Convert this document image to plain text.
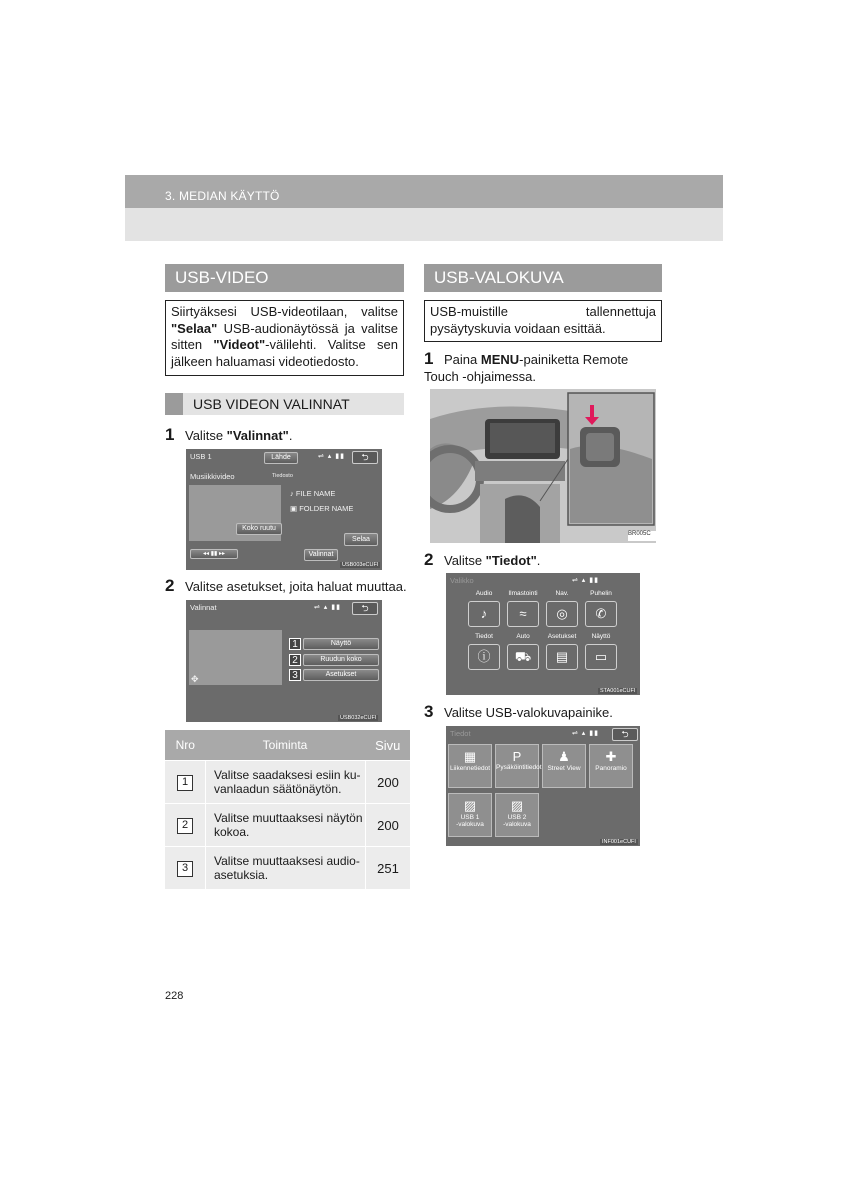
3. MEDIAN KÄYTTÖ
USB-VIDEO
Siirtyäksesi USB-videotilaan, valitse "Selaa" USB-audionäytössä ja valitse sitten "Videot"-välilehti. Valitse sen jälkeen haluamasi videotiedosto.
USB VIDEON VALINNAT
1 Valitse "Valinnat".
USB 1	Lähde	⇌ ▴ ▮▮	⮌
Musiikkivideo	Tiedosto
♪ FILE NAME
▣ FOLDER NAME
Koko ruutu
Selaa
◂◂ ▮▮ ▸▸	Valinnat
USB003eCUFI
2 Valitse asetukset, joita haluat muuttaa.
Valinnat	⇌ ▴ ▮▮	⮌
✥
1	Näyttö
2	Ruudun koko
3	Asetukset
USB032eCUFI
Nro	Toiminta	Sivu
1	Valitse saadaksesi esiin ku-vanlaadun säätönäytön.	200
2	Valitse muuttaaksesi näytön kokoa.	200
3	Valitse muuttaaksesi audio-asetuksia.	251
USB-VALOKUVA
USB-muistille tallennettuja pysäytyskuvia voidaan esittää.
1 Paina MENU-painiketta Remote Touch -ohjaimessa.
BR005C
2 Valitse "Tiedot".
Valikko	⇌ ▴ ▮▮
Audio
♪
Ilmastointi
≈
Nav.
◎
Puhelin
✆
Tiedot
ⓘ
Auto
⛟
Asetukset
▤
Näyttö
▭
STA001eCUFI
3 Valitse USB-valokuvapainike.
Tiedot	⇌ ▴ ▮▮	⮌
▦
Liikennetiedot
P
Pysäköintitiedot
♟
Street View
✚
Panoramio
▨
USB 1
-valokuva
▨
USB 2
-valokuva
INF001eCUFI
228
